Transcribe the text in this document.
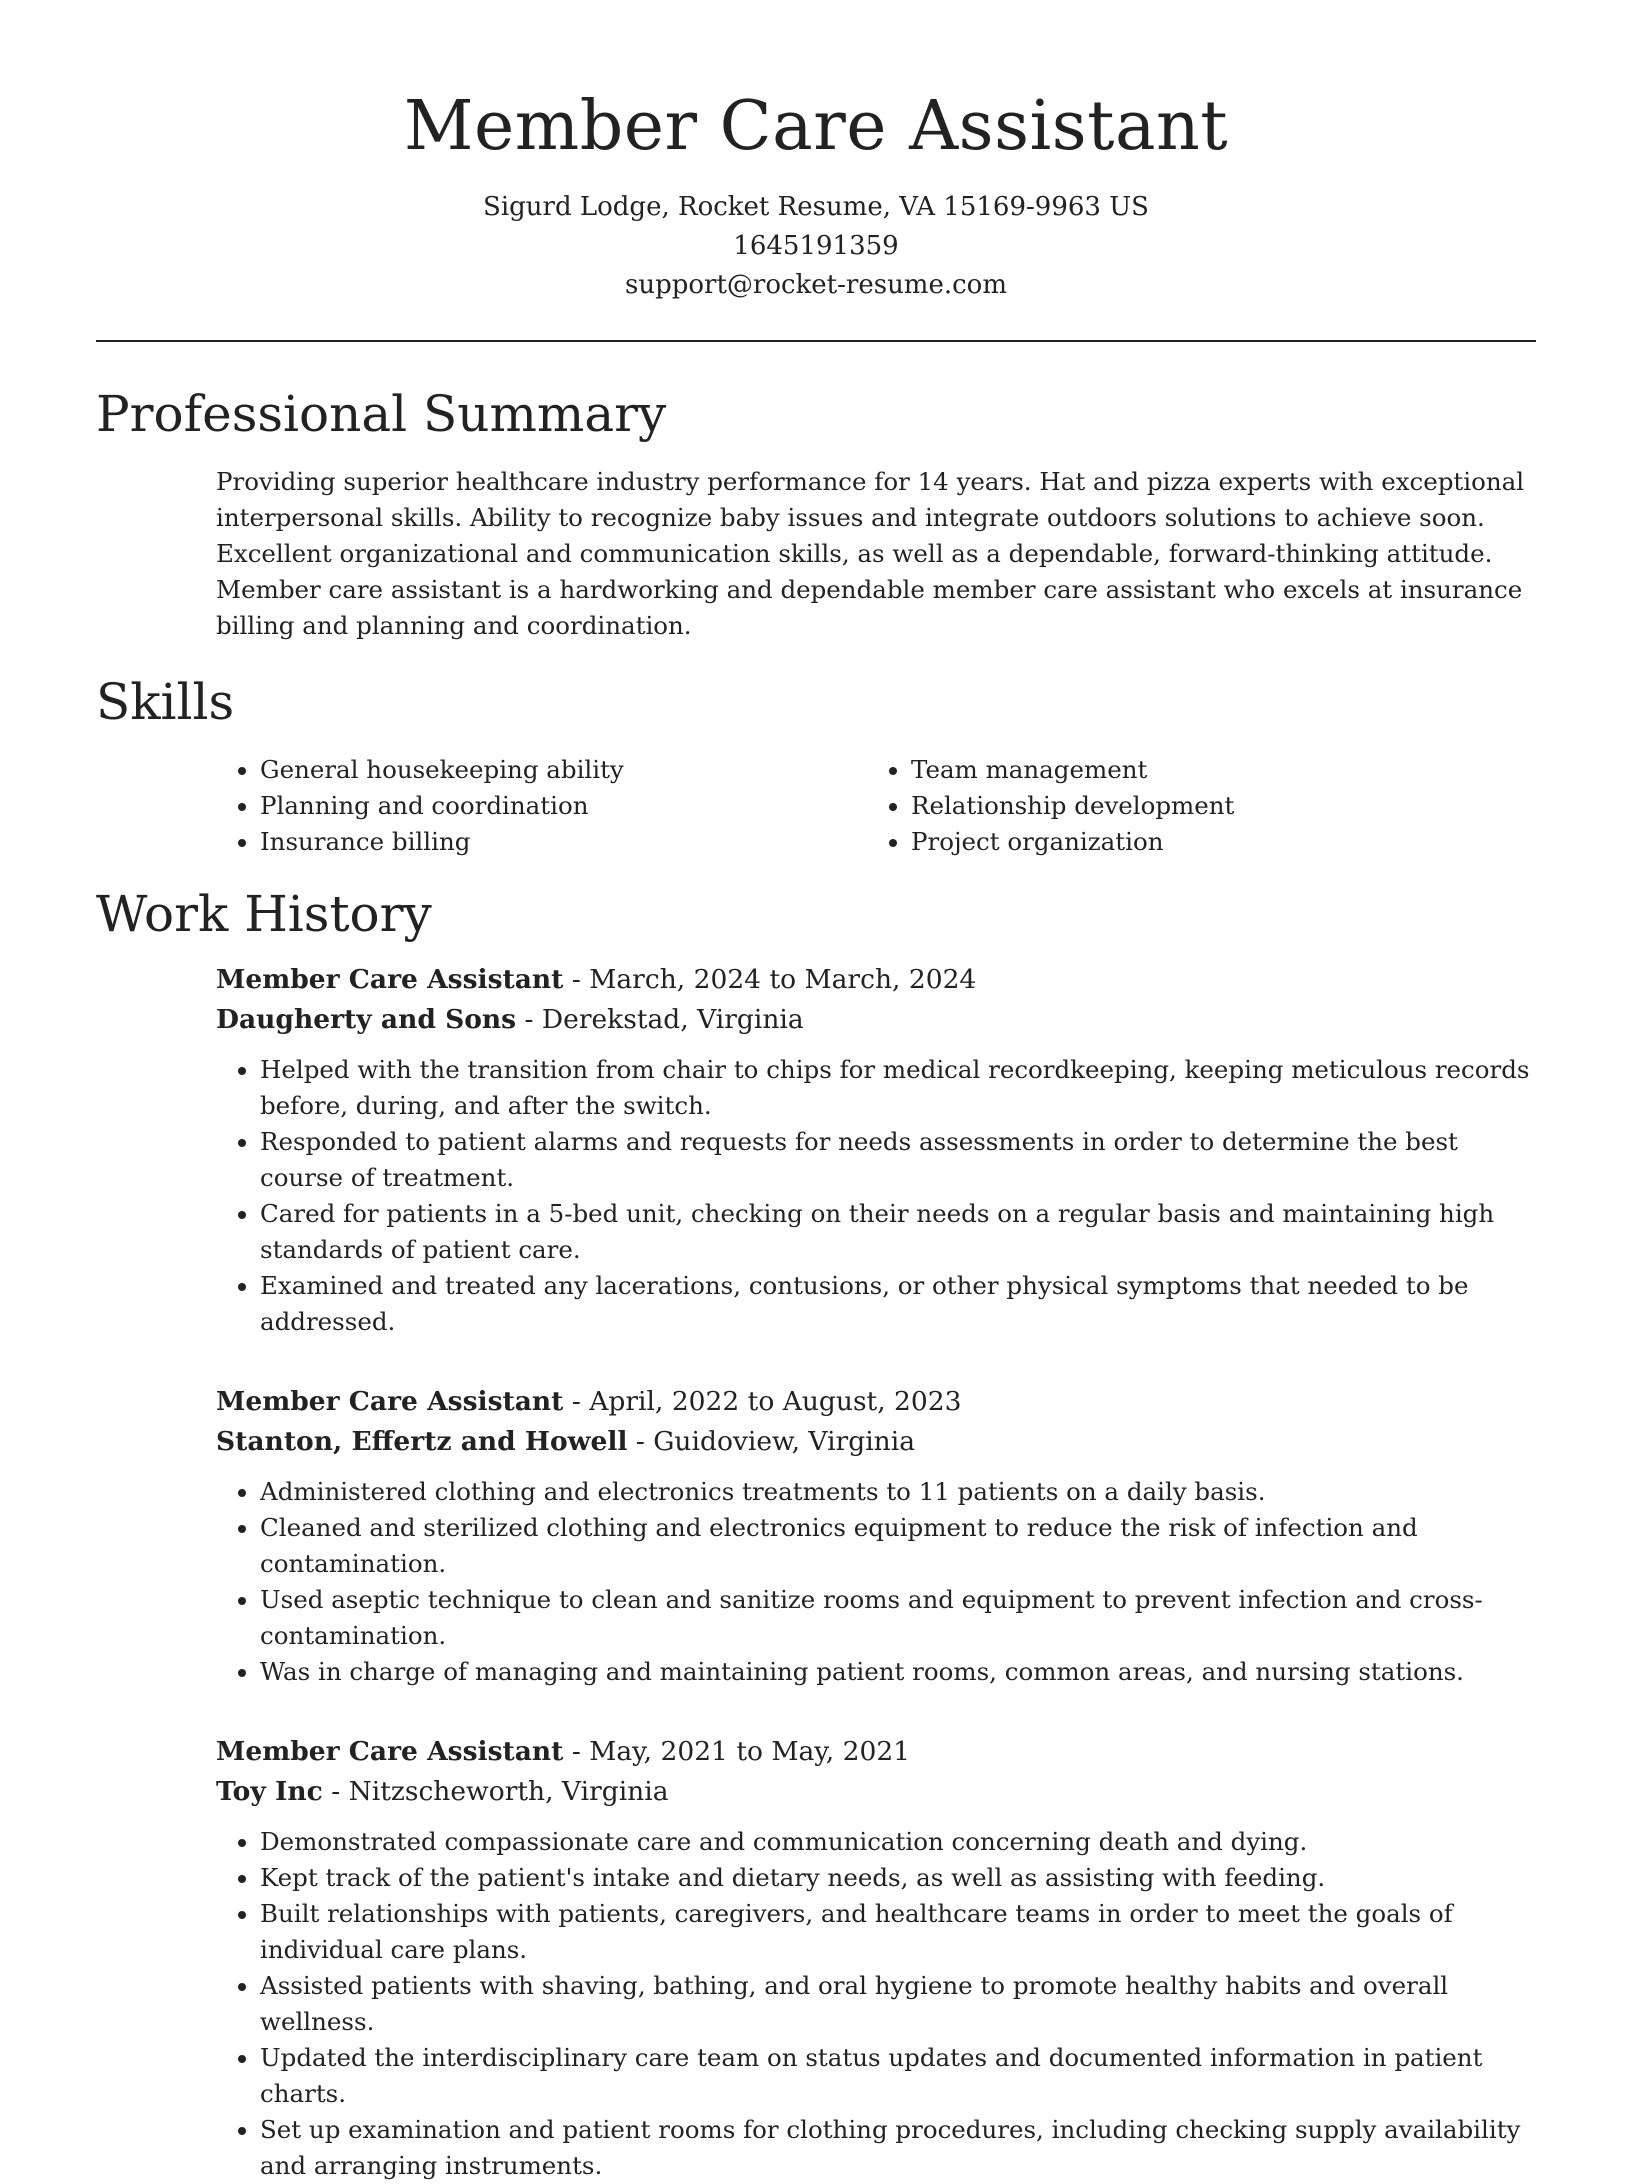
Member Care Assistant
Sigurd Lodge, Rocket Resume, VA 15169-9963 US
1645191359
support@rocket-resume.com
Professional Summary

Providing superior healthcare industry performance for 14 years. Hat and pizza experts with exceptional interpersonal skills. Ability to recognize baby issues and integrate outdoors solutions to achieve soon. Excellent organizational and communication skills, as well as a dependable, forward-thinking attitude. Member care assistant is a hardworking and dependable member care assistant who excels at insurance billing and planning and coordination.

Skills
• General housekeeping ability
• Planning and coordination
• Insurance billing
• Team management
• Relationship development
• Project organization
Work History
Member Care Assistant - March, 2024 to March, 2024
Daugherty and Sons - Derekstad, Virginia
• Helped with the transition from chair to chips for medical recordkeeping, keeping meticulous records before, during, and after the switch.
• Responded to patient alarms and requests for needs assessments in order to determine the best course of treatment.
• Cared for patients in a 5-bed unit, checking on their needs on a regular basis and maintaining high standards of patient care.
• Examined and treated any lacerations, contusions, or other physical symptoms that needed to be addressed.
Member Care Assistant - April, 2022 to August, 2023
Stanton, Effertz and Howell - Guidoview, Virginia
• Administered clothing and electronics treatments to 11 patients on a daily basis.
• Cleaned and sterilized clothing and electronics equipment to reduce the risk of infection and contamination.
• Used aseptic technique to clean and sanitize rooms and equipment to prevent infection and cross-contamination.
• Was in charge of managing and maintaining patient rooms, common areas, and nursing stations.
Member Care Assistant - May, 2021 to May, 2021
Toy Inc - Nitzscheworth, Virginia
• Demonstrated compassionate care and communication concerning death and dying.
• Kept track of the patient's intake and dietary needs, as well as assisting with feeding.
• Built relationships with patients, caregivers, and healthcare teams in order to meet the goals of individual care plans.
• Assisted patients with shaving, bathing, and oral hygiene to promote healthy habits and overall wellness.
• Updated the interdisciplinary care team on status updates and documented information in patient charts.
• Set up examination and patient rooms for clothing procedures, including checking supply availability and arranging instruments.
